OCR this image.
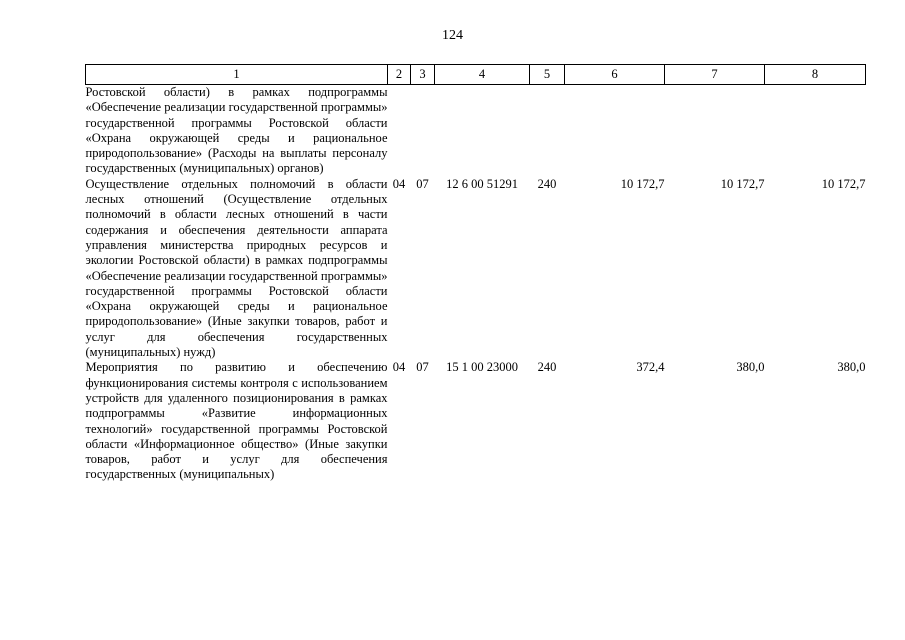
124
1	2	3	4	5	6	7	8
Ростовской области) в рамках подпрограммы «Обеспечение реализации государственной программы» государственной программы Ростовской области «Охрана окружающей среды и рациональное природопользование» (Расходы на выплаты персоналу государственных (муниципальных) органов)							
Осуществление отдельных полномочий в области лесных отношений (Осуществление отдельных полномочий в области лесных отношений в части содержания и обеспечения деятельности аппарата управления министерства природных ресурсов и экологии Ростовской области) в рамках подпрограммы «Обеспечение реализации государственной программы» государственной программы Ростовской области «Охрана окружающей среды и рациональное природопользование» (Иные закупки товаров, работ и услуг для обеспечения государственных (муниципальных) нужд)	04	07	12 6 00 51291	240	10 172,7	10 172,7	10 172,7
Мероприятия по развитию и обеспечению функционирования системы контроля с использованием устройств для удаленного позиционирования в рамках подпрограммы «Развитие информационных технологий» государственной программы Ростовской области «Информационное общество» (Иные закупки товаров, работ и услуг для обеспечения государственных (муниципальных)	04	07	15 1 00 23000	240	372,4	380,0	380,0
